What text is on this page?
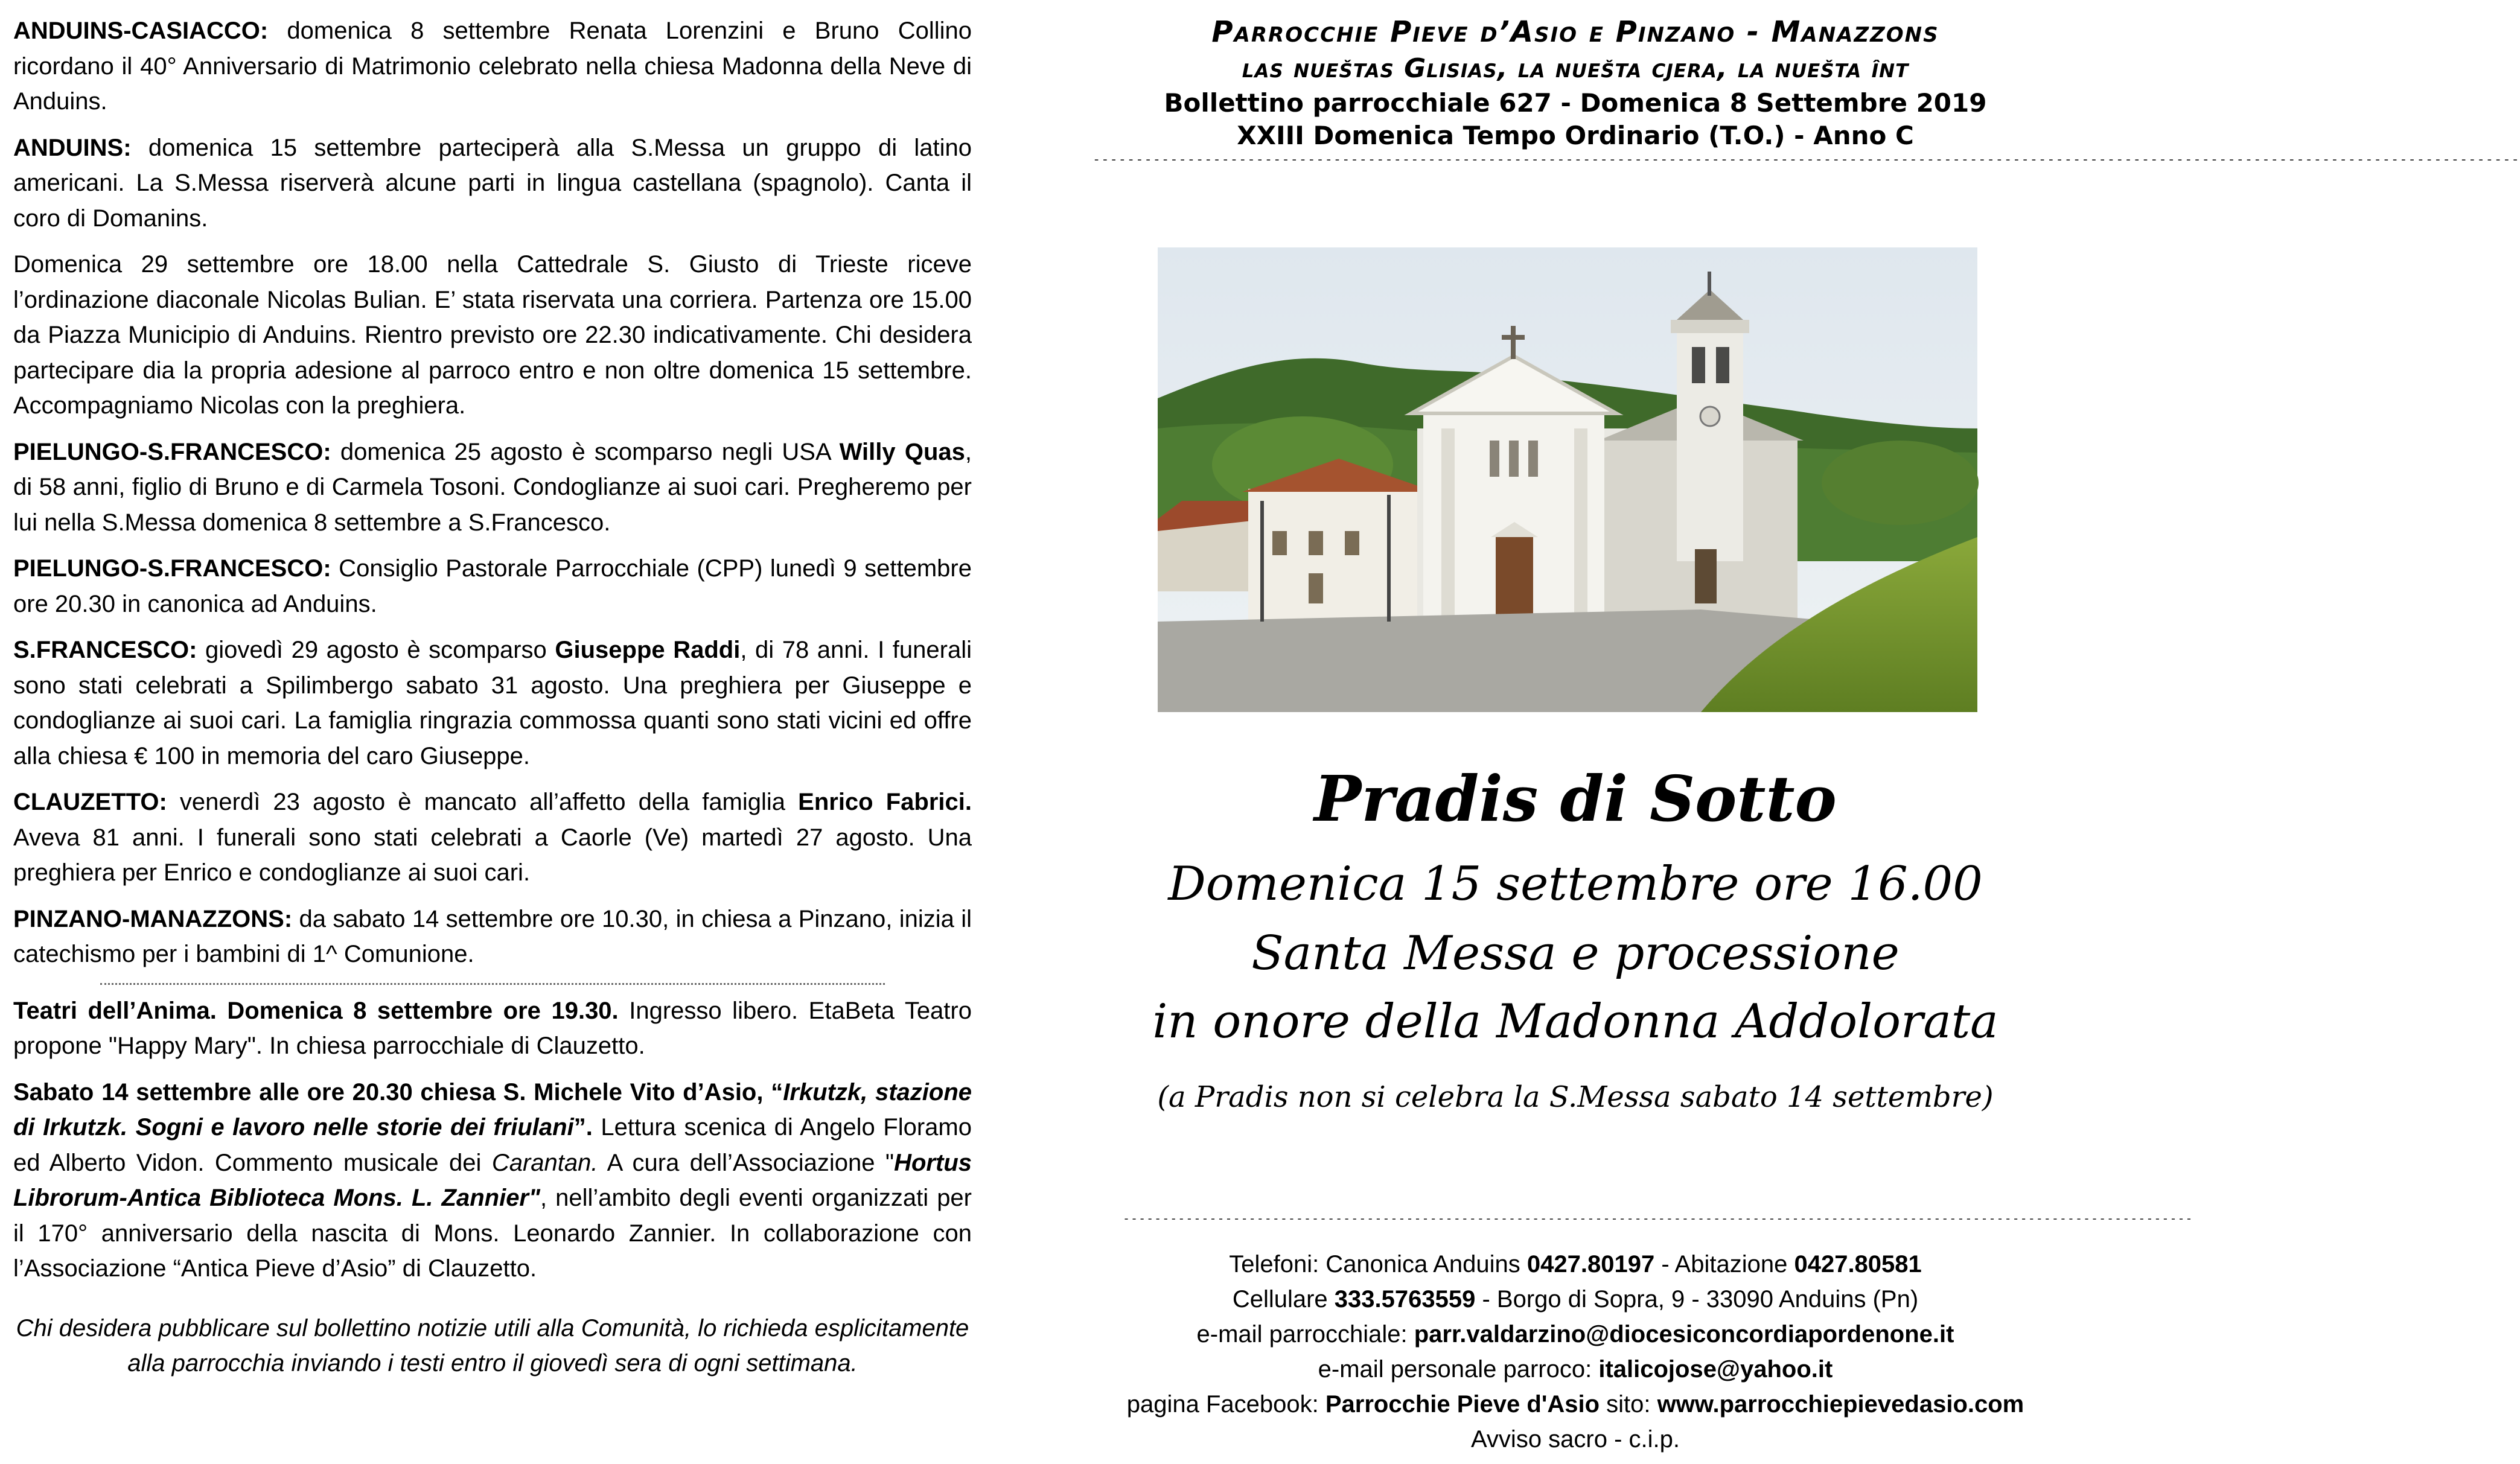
ANDUINS-CASIACCO: domenica 8 settembre Renata Lorenzini e Bruno Collino ricordano il 40° Anniversario di Matrimonio celebrato nella chiesa Madonna della Neve di Anduins.

ANDUINS: domenica 15 settembre parteciperà alla S.Messa un gruppo di latino americani. La S.Messa riserverà alcune parti in lingua castellana (spagnolo). Canta il coro di Domanins.

Domenica 29 settembre ore 18.00 nella Cattedrale S. Giusto di Trieste riceve l’ordinazione diaconale Nicolas Bulian. E’ stata riservata una corriera. Partenza ore 15.00 da Piazza Municipio di Anduins. Rientro previsto ore 22.30 indicativamente. Chi desidera partecipare dia la propria adesione al parroco entro e non oltre domenica 15 settembre. Accompagniamo Nicolas con la preghiera.

PIELUNGO-S.FRANCESCO: domenica 25 agosto è scomparso negli USA Willy Quas, di 58 anni, figlio di Bruno e di Carmela Tosoni. Condoglianze ai suoi cari. Pregheremo per lui nella S.Messa domenica 8 settembre a S.Francesco.

PIELUNGO-S.FRANCESCO: Consiglio Pastorale Parrocchiale (CPP) lunedì 9 settembre ore 20.30 in canonica ad Anduins.

S.FRANCESCO: giovedì 29 agosto è scomparso Giuseppe Raddi, di 78 anni. I funerali sono stati celebrati a Spilimbergo sabato 31 agosto. Una preghiera per Giuseppe e condoglianze ai suoi cari. La famiglia ringrazia commossa quanti sono stati vicini ed offre alla chiesa € 100 in memoria del caro Giuseppe.

CLAUZETTO: venerdì 23 agosto è mancato all’affetto della famiglia Enrico Fabrici. Aveva 81 anni. I funerali sono stati celebrati a Caorle (Ve) martedì 27 agosto. Una preghiera per Enrico e condoglianze ai suoi cari.

PINZANO-MANAZZONS: da sabato 14 settembre ore 10.30, in chiesa a Pinzano, inizia il catechismo per i bambini di 1^ Comunione.

Teatri dell’Anima. Domenica 8 settembre ore 19.30. Ingresso libero. EtaBeta Teatro propone "Happy Mary". In chiesa parrocchiale di Clauzetto.

Sabato 14 settembre alle ore 20.30 chiesa S. Michele Vito d’Asio, “Irkutzk, stazione di Irkutzk. Sogni e lavoro nelle storie dei friulani”. Lettura scenica di Angelo Floramo ed Alberto Vidon. Commento musicale dei Carantan. A cura dell’Associazione "Hortus Librorum-Antica Biblioteca Mons. L. Zannier", nell’ambito degli eventi organizzati per il 170° anniversario della nascita di Mons. Leonardo Zannier. In collaborazione con l’Associazione “Antica Pieve d’Asio” di Clauzetto.

Chi desidera pubblicare sul bollettino notizie utili alla Comunità, lo richieda esplicitamente alla parrocchia inviando i testi entro il giovedì sera di ogni settimana.

Parrocchie Pieve d’Asio e Pinzano - Manazzons
las nueštas Glisias, la nuešta cjera, la nuešta înt
Bollettino parrocchiale 627 - Domenica 8 Settembre 2019
XXIII Domenica Tempo Ordinario (T.O.) - Anno C
----------------------------------------------------------------------------------------------------------------------------------------------------------------------
Pradis di Sotto
Domenica 15 settembre ore 16.00
Santa Messa e processione
in onore della Madonna Addolorata
(a Pradis non si celebra la S.Messa sabato 14 settembre)
----------------------------------------------------------------------------------------------------------------------------------------
Telefoni: Canonica Anduins 0427.80197 - Abitazione 0427.80581
Cellulare 333.5763559 - Borgo di Sopra, 9 - 33090 Anduins (Pn)
e-mail parrocchiale: parr.valdarzino@diocesiconcordiapordenone.it
e-mail personale parroco: italicojose@yahoo.it
pagina Facebook: Parrocchie Pieve d'Asio sito: www.parrocchiepievedasio.com
Avviso sacro - c.i.p.
